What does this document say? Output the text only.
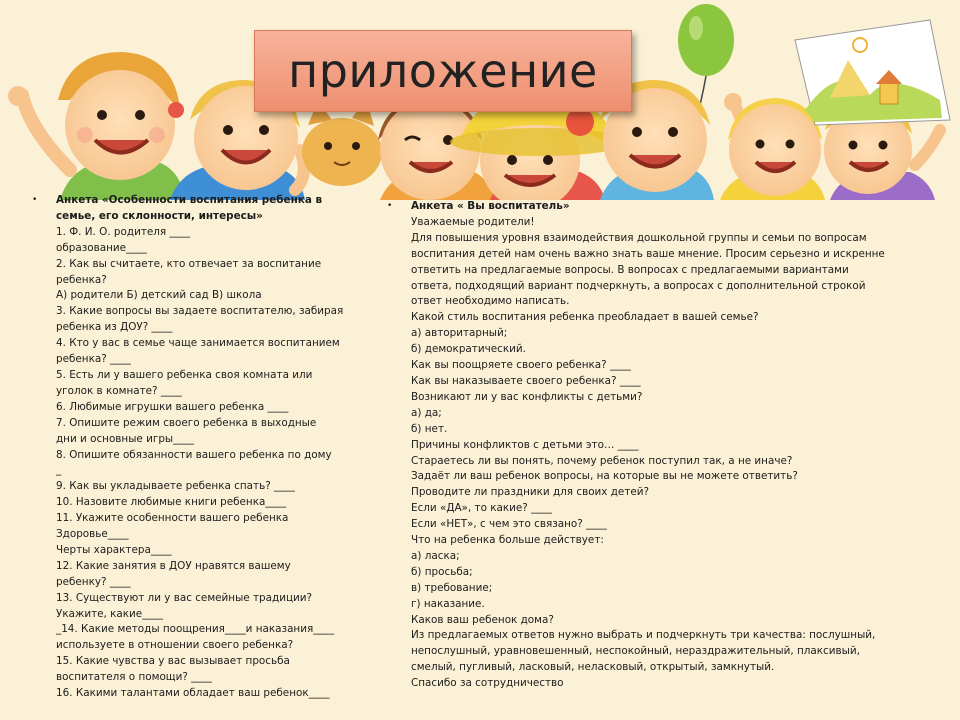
приложение
• Анкета «Особенности воспитания ребенка в
семье, его склонности, интересы»
1. Ф. И. О. родителя ____
образование____
2. Как вы считаете, кто отвечает за воспитание
ребенка?
А) родители Б) детский сад В) школа
3. Какие вопросы вы задаете воспитателю, забирая
ребенка из ДОУ? ____
4. Кто у вас в семье чаще занимается воспитанием
ребенка? ____
5. Есть ли у вашего ребенка своя комната или
уголок в комнате? ____
6. Любимые игрушки вашего ребенка ____
7. Опишите режим своего ребенка в выходные
дни и основные игры____
8. Опишите обязанности вашего ребенка по дому
_
9. Как вы укладываете ребенка спать? ____
10. Назовите любимые книги ребенка____
11. Укажите особенности вашего ребенка
Здоровье____
Черты характера____
12. Какие занятия в ДОУ нравятся вашему
ребенку? ____
13. Существуют ли у вас семейные традиции?
Укажите, какие____
_14. Какие методы поощрения____и наказания____
используете в отношении своего ребенка?
15. Какие чувства у вас вызывает просьба
воспитателя о помощи? ____
16. Какими талантами обладает ваш ребенок____
• Анкета « Вы воспитатель»
Уважаемые родители!
Для повышения уровня взаимодействия дошкольной группы и семьи по вопросам
воспитания детей нам очень важно знать ваше мнение. Просим серьезно и искренне
ответить на предлагаемые вопросы. В вопросах с предлагаемыми вариантами
ответа, подходящий вариант подчеркнуть, а вопросах с дополнительной строкой
ответ необходимо написать.
Какой стиль воспитания ребенка преобладает в вашей семье?
а) авторитарный;
б) демократический.
Как вы поощряете своего ребенка? ____
Как вы наказываете своего ребенка? ____
Возникают ли у вас конфликты с детьми?
а) да;
б) нет.
Причины конфликтов с детьми это… ____
Стараетесь ли вы понять, почему ребенок поступил так, а не иначе?
Задаёт ли ваш ребенок вопросы, на которые вы не можете ответить?
Проводите ли праздники для своих детей?
Если «ДА», то какие? ____
Если «НЕТ», с чем это связано? ____
Что на ребенка больше действует:
а) ласка;
б) просьба;
в) требование;
г) наказание.
Каков ваш ребенок дома?
Из предлагаемых ответов нужно выбрать и подчеркнуть три качества: послушный,
непослушный, уравновешенный, неспокойный, нераздражительный, плаксивый,
смелый, пугливый, ласковый, неласковый, открытый, замкнутый.
Спасибо за сотрудничество
